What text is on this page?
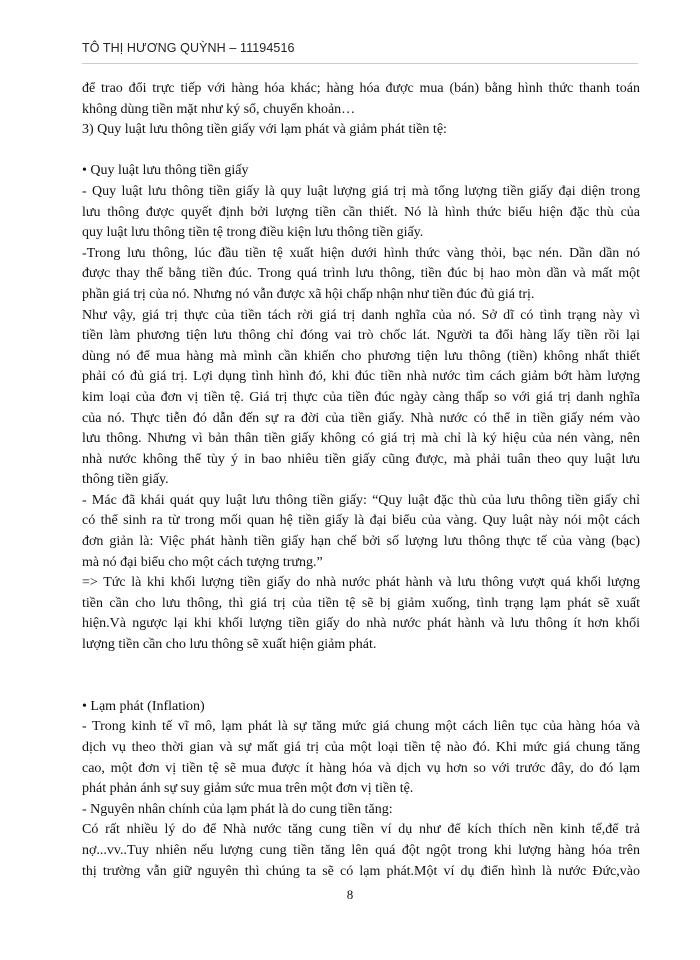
TÔ THỊ HƯƠNG QUỲNH – 11194516
để trao đổi trực tiếp với hàng hóa khác; hàng hóa được mua (bán) bằng hình thức thanh toán
không dùng tiền mặt như ký sổ, chuyển khoản…
3) Quy luật lưu thông tiền giấy với lạm phát và giảm phát tiền tệ:
• Quy luật lưu thông tiền giấy
- Quy luật lưu thông tiền giấy là quy luật lượng giá trị mà tổng lượng tiền giấy đại diện trong
lưu thông được quyết định bởi lượng tiền cần thiết. Nó là hình thức biểu hiện đặc thù của
quy luật lưu thông tiền tệ trong điều kiện lưu thông tiền giấy.
-Trong lưu thông, lúc đầu tiền tệ xuất hiện dưới hình thức vàng thỏi, bạc nén. Dần dần nó
được thay thế bằng tiền đúc. Trong quá trình lưu thông, tiền đúc bị hao mòn dần và mất một
phần giá trị của nó. Nhưng nó vẫn được xã hội chấp nhận như tiền đúc đủ giá trị.
Như vậy, giá trị thực của tiền tách rời giá trị danh nghĩa của nó. Sở dĩ có tình trạng này vì
tiền làm phương tiện lưu thông chỉ đóng vai trò chốc lát. Người ta đổi hàng lấy tiền rồi lại
dùng nó để mua hàng mà mình cần khiến cho phương tiện lưu thông (tiền) không nhất thiết
phải có đủ giá trị. Lợi dụng tình hình đó, khi đúc tiền nhà nước tìm cách giảm bớt hàm lượng
kim loại của đơn vị tiền tệ. Giá trị thực của tiền đúc ngày càng thấp so với giá trị danh nghĩa
của nó. Thực tiễn đó dẫn đến sự ra đời của tiền giấy. Nhà nước có thể in tiền giấy ném vào
lưu thông. Nhưng vì bản thân tiền giấy không có giá trị mà chỉ là ký hiệu của nén vàng, nên
nhà nước không thể tùy ý in bao nhiêu tiền giấy cũng được, mà phải tuân theo quy luật lưu
thông tiền giấy.
- Mác đã khái quát quy luật lưu thông tiền giấy: “Quy luật đặc thù của lưu thông tiền giấy chỉ
có thể sinh ra từ trong mối quan hệ tiền giấy là đại biểu của vàng. Quy luật này nói một cách
đơn giản là: Việc phát hành tiền giấy hạn chế bởi số lượng lưu thông thực tế của vàng (bạc)
mà nó đại biểu cho một cách tượng trưng.”
=> Tức là khi khối lượng tiền giấy do nhà nước phát hành và lưu thông vượt quá khối lượng
tiền cần cho lưu thông, thì giá trị của tiền tệ sẽ bị giảm xuống, tình trạng lạm phát sẽ xuất
hiện.Và ngược lại khi khối lượng tiền giấy do nhà nước phát hành và lưu thông ít hơn khối
lượng tiền cần cho lưu thông sẽ xuất hiện giảm phát.
• Lạm phát (Inflation)
- Trong kinh tế vĩ mô, lạm phát là sự tăng mức giá chung một cách liên tục của hàng hóa và
dịch vụ theo thời gian và sự mất giá trị của một loại tiền tệ nào đó. Khi mức giá chung tăng
cao, một đơn vị tiền tệ sẽ mua được ít hàng hóa và dịch vụ hơn so với trước đây, do đó lạm
phát phản ánh sự suy giảm sức mua trên một đơn vị tiền tệ.
- Nguyên nhân chính của lạm phát là do cung tiền tăng:
Có rất nhiều lý do để Nhà nước tăng cung tiền ví dụ như để kích thích nền kinh tế,để trả
nợ...vv..Tuy nhiên nếu lượng cung tiền tăng lên quá đột ngột trong khi lượng hàng hóa trên
thị trường vẫn giữ nguyên thì chúng ta sẽ có lạm phát.Một ví dụ điển hình là nước Đức,vào
8
